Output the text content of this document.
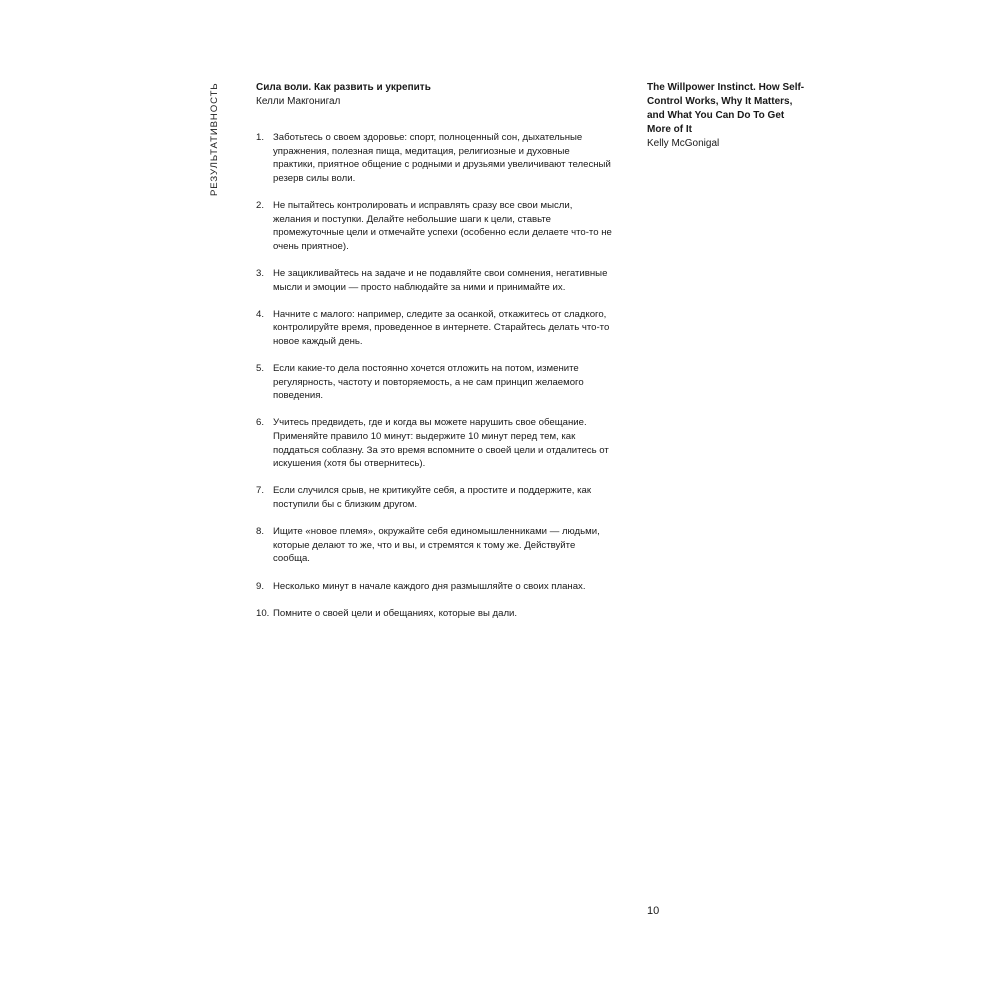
РЕЗУЛЬТАТИВНОСТЬ	Сила воли. Как развить и укрепить

Келли Макгонигал

1. Заботьтесь о своем здоровье: спорт, полноценный сон, дыхательные упражнения, полезная пища, медитация, религиозные и духовные практики, приятное общение с родными и друзьями увеличивают телесный резерв силы воли.
2. Не пытайтесь контролировать и исправлять сразу все свои мысли, желания и поступки. Делайте небольшие шаги к цели, ставьте промежуточные цели и отмечайте успехи (особенно если делаете что-то не очень приятное).
3. Не зацикливайтесь на задаче и не подавляйте свои сомнения, негативные мысли и эмоции — просто наблюдайте за ними и принимайте их.
4. Начните с малого: например, следите за осанкой, откажитесь от сладкого, контролируйте время, проведенное в интернете. Старайтесь делать что-то новое каждый день.
5. Если какие-то дела постоянно хочется отложить на потом, измените регулярность, частоту и повторяемость, а не сам принцип желаемого поведения.
6. Учитесь предвидеть, где и когда вы можете нарушить свое обещание. Применяйте правило 10 минут: выдержите 10 минут перед тем, как поддаться соблазну. За это время вспомните о своей цели и отдалитесь от искушения (хотя бы отвернитесь).
7. Если случился срыв, не критикуйте себя, а простите и поддержите, как поступили бы с близким другом.
8. Ищите «новое племя», окружайте себя единомышленниками — людьми, которые делают то же, что и вы, и стремятся к тому же. Действуйте сообща.
9. Несколько минут в начале каждого дня размышляйте о своих планах.
10. Помните о своей цели и обещаниях, которые вы дали.

The Willpower Instinct. How Self-Control Works, Why It Matters, and What You Can Do To Get More of It

Kelly McGonigal

10
